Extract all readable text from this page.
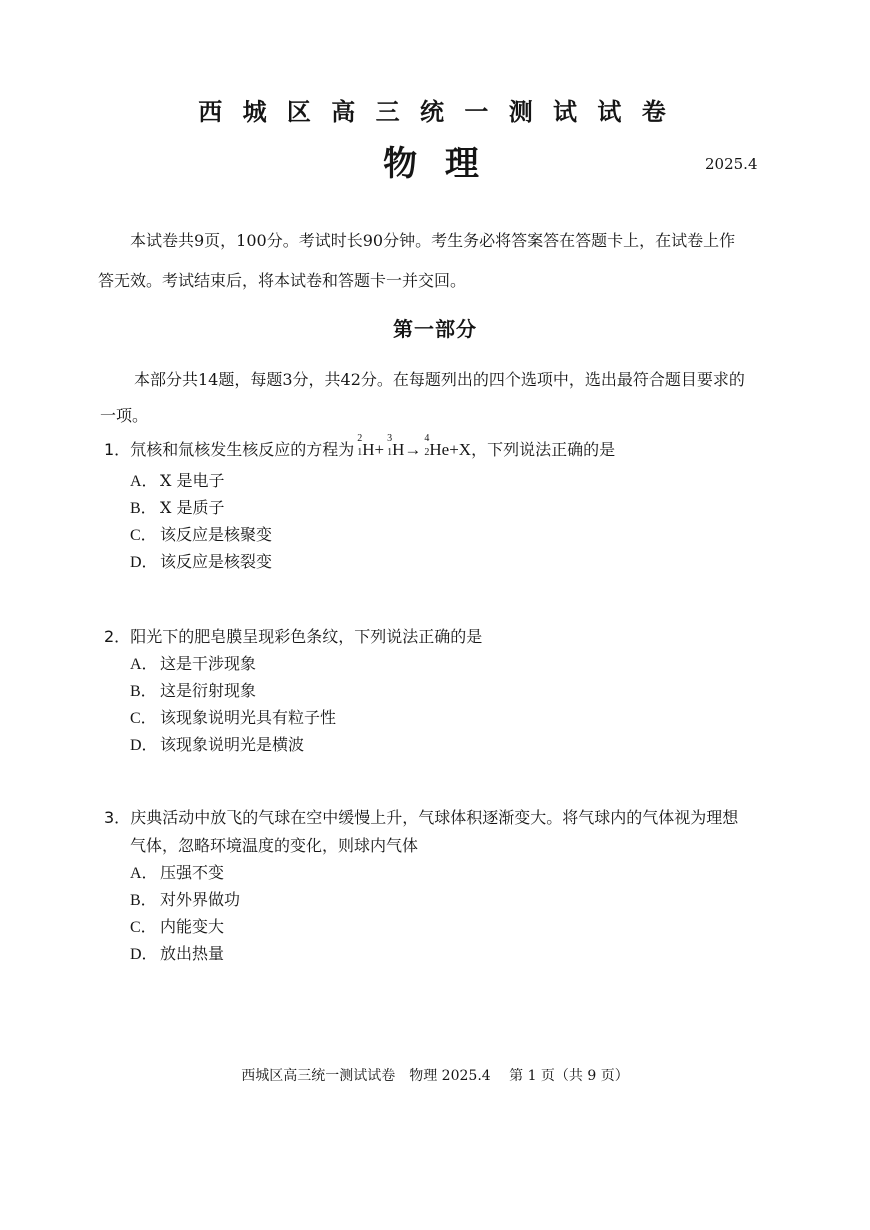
西 城 区 高 三 统 一 测 试 试 卷
物 理	2025.4
本试卷共9页，100分。考试时长90分钟。考生务必将答案答在答题卡上，在试卷上作
答无效。考试结束后，将本试卷和答题卡一并交回。
第一部分
本部分共14题，每题3分，共42分。在每题列出的四个选项中，选出最符合题目要求的
一项。
1．氘核和氚核发生核反应的方程为
2
1 H+
3
1 H→
4
2 He+X，下列说法正确的是
A． X 是电子
B． X 是质子
C． 该反应是核聚变
D． 该反应是核裂变
2．阳光下的肥皂膜呈现彩色条纹，下列说法正确的是
A． 这是干涉现象
B． 这是衍射现象
C． 该现象说明光具有粒子性
D． 该现象说明光是横波
3．庆典活动中放飞的气球在空中缓慢上升，气球体积逐渐变大。将气球内的气体视为理想
气体，忽略环境温度的变化，则球内气体
A． 压强不变
B． 对外界做功
C． 内能变大
D． 放出热量
西城区高三统一测试试卷　物理 2025.4　 第 1 页（共 9 页）
